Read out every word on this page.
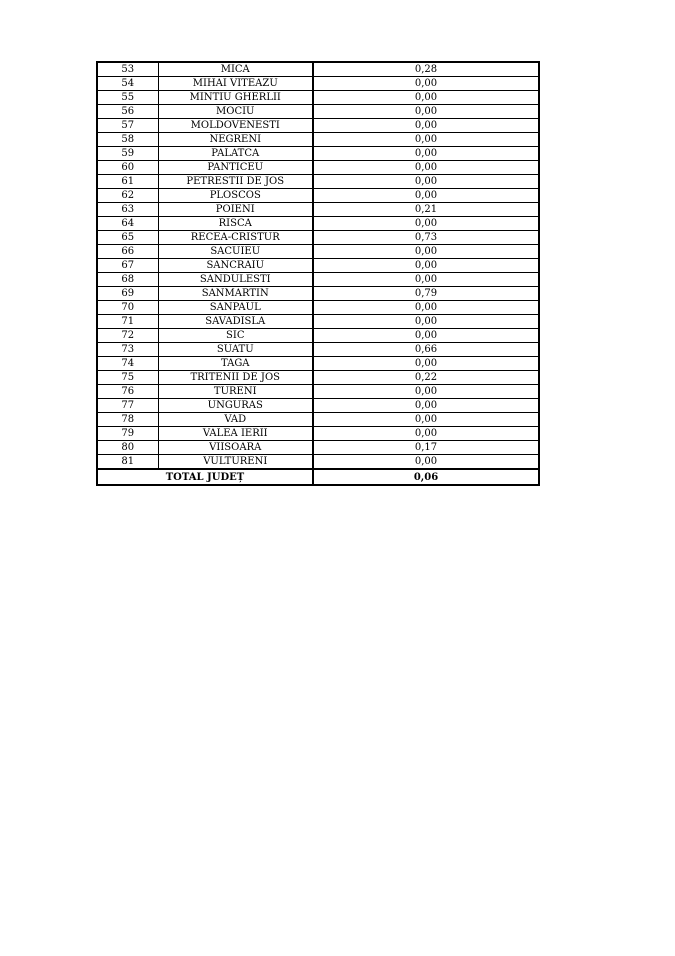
53	MICA	0,28
54	MIHAI VITEAZU	0,00
55	MINTIU GHERLII	0,00
56	MOCIU	0,00
57	MOLDOVENESTI	0,00
58	NEGRENI	0,00
59	PALATCA	0,00
60	PANTICEU	0,00
61	PETRESTII DE JOS	0,00
62	PLOSCOS	0,00
63	POIENI	0,21
64	RISCA	0,00
65	RECEA-CRISTUR	0,73
66	SACUIEU	0,00
67	SANCRAIU	0,00
68	SANDULESTI	0,00
69	SANMARTIN	0,79
70	SANPAUL	0,00
71	SAVADISLA	0,00
72	SIC	0,00
73	SUATU	0,66
74	TAGA	0,00
75	TRITENII DE JOS	0,22
76	TURENI	0,00
77	UNGURAS	0,00
78	VAD	0,00
79	VALEA IERII	0,00
80	VIISOARA	0,17
81	VULTURENI	0,00
TOTAL JUDEȚ		0,06
